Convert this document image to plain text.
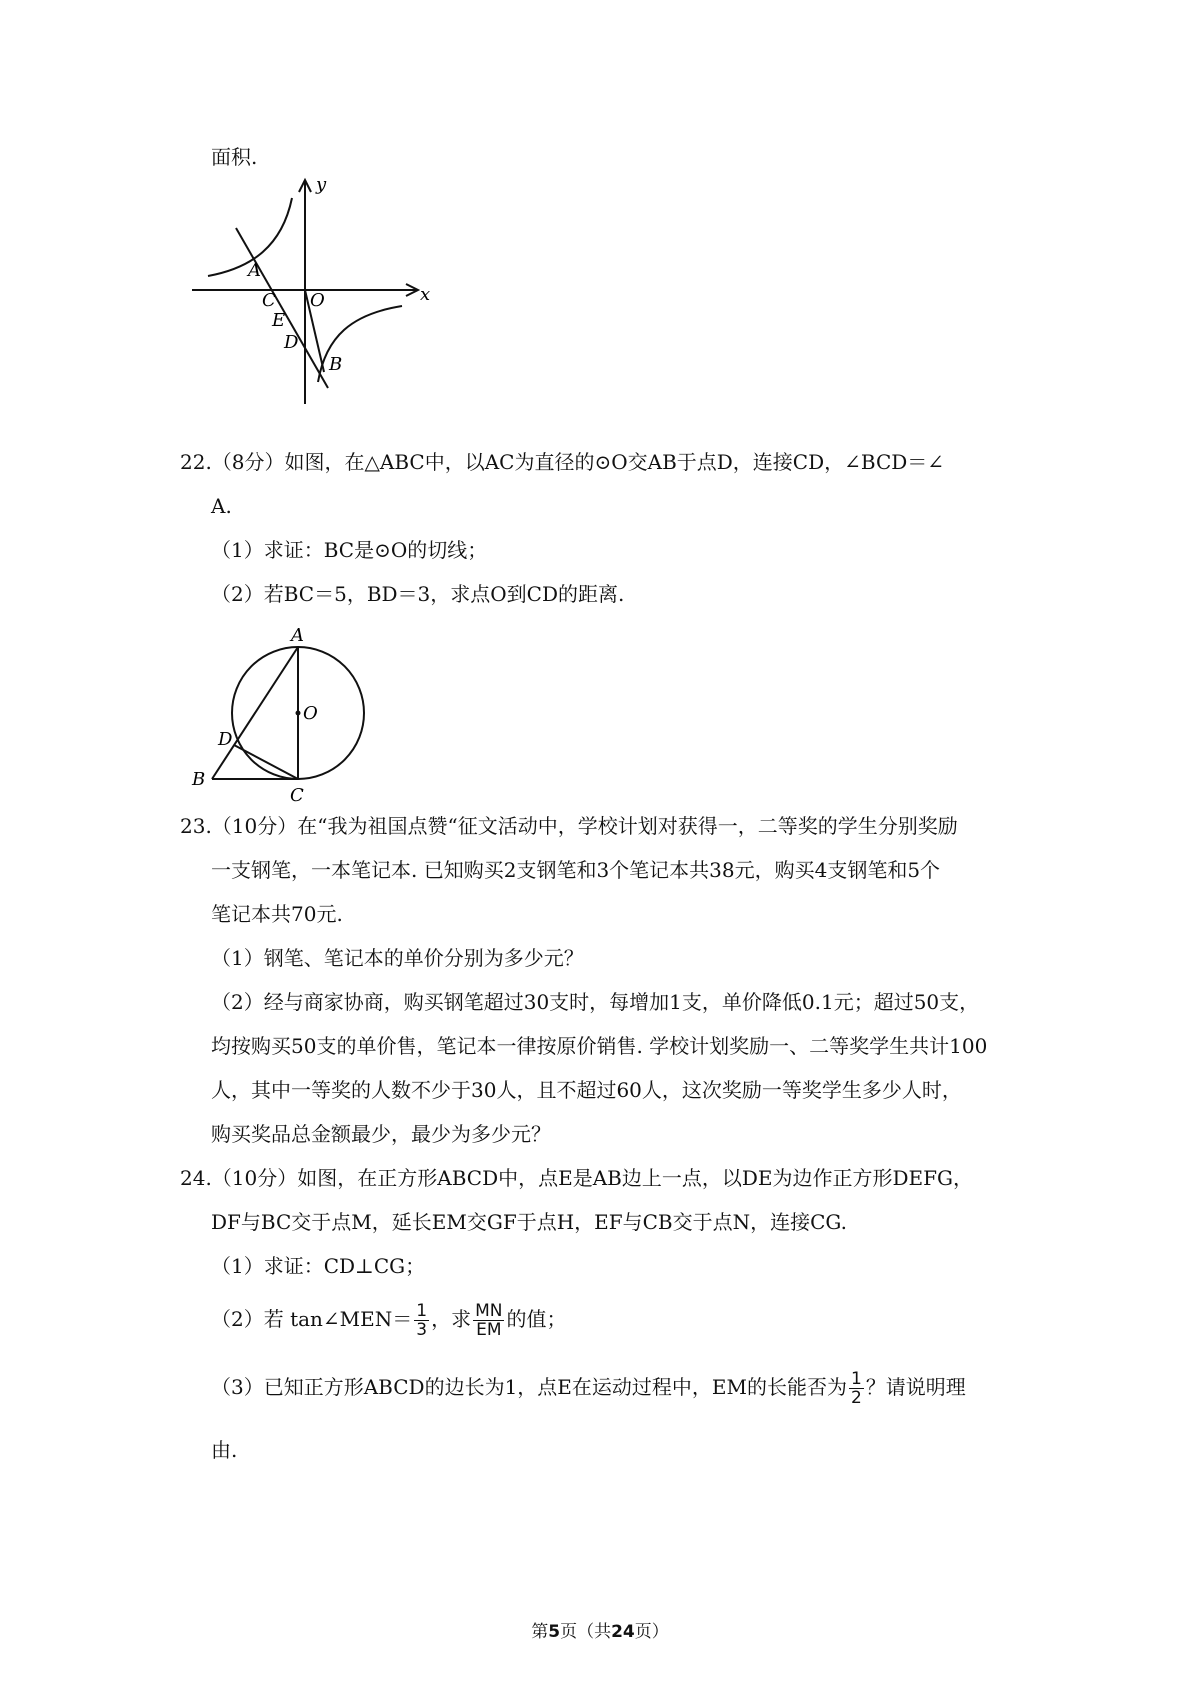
面积.
y
x
A
C O
E
D
B
22.（8分）如图，在△ABC中，以AC为直径的⊙O交AB于点D，连接CD，∠BCD＝∠
A.
（1）求证：BC是⊙O的切线；
（2）若BC＝5，BD＝3，求点O到CD的距离.
A
O
D
B
C
23.（10分）在“我为祖国点赞“征文活动中，学校计划对获得一，二等奖的学生分别奖励
一支钢笔，一本笔记本. 已知购买2支钢笔和3个笔记本共38元，购买4支钢笔和5个
笔记本共70元.
（1）钢笔、笔记本的单价分别为多少元？
（2）经与商家协商，购买钢笔超过30支时，每增加1支，单价降低0.1元；超过50支，
均按购买50支的单价售，笔记本一律按原价销售. 学校计划奖励一、二等奖学生共计100
人，其中一等奖的人数不少于30人，且不超过60人，这次奖励一等奖学生多少人时，
购买奖品总金额最少，最少为多少元？
24.（10分）如图，在正方形ABCD中，点E是AB边上一点，以DE为边作正方形DEFG，
DF与BC交于点M，延长EM交GF于点H，EF与CB交于点N，连接CG.
（1）求证：CD⊥CG；
（2）若 tan∠MEN＝ $\frac{1}{3}$ ，求 $\frac{MN}{EM}$ 的值；
（3）已知正方形ABCD的边长为1，点E在运动过程中，EM的长能否为 $\frac{1}{2}$ ？请说明理
由.
第5页（共24页）
